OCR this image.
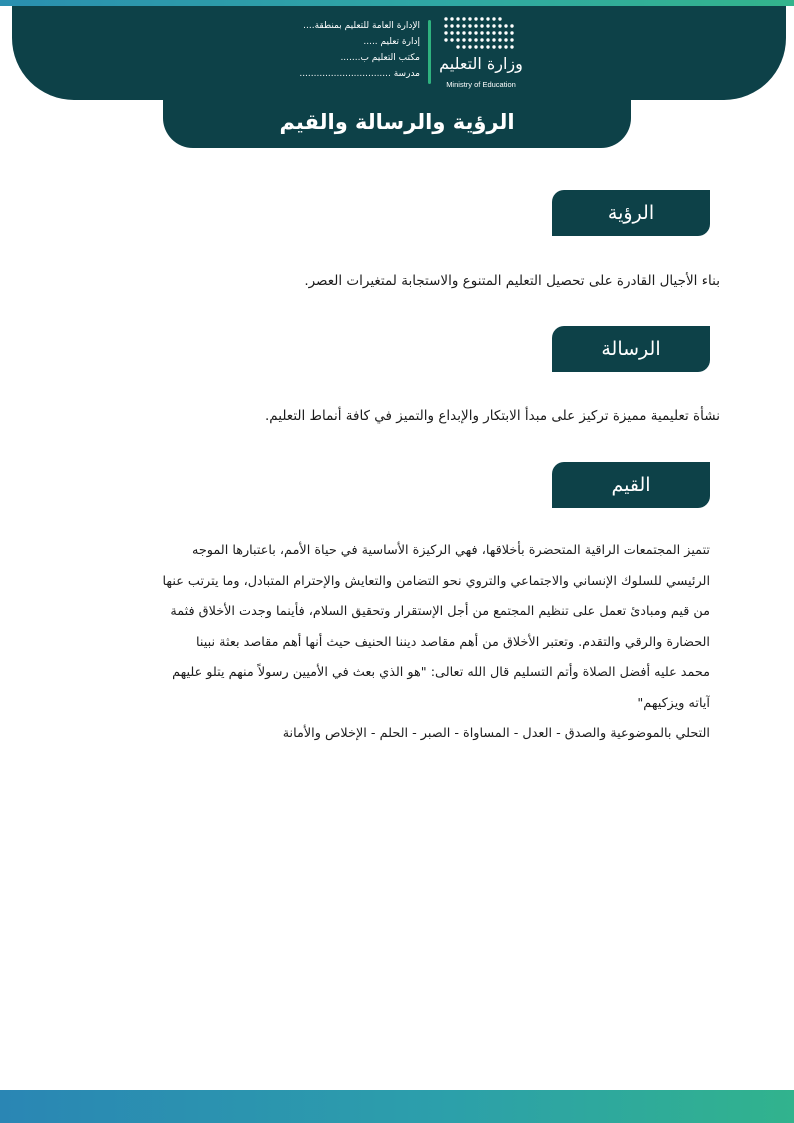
الرؤية والرسالة والقيم
وزارة التعليم
Ministry of Education
الإدارة العامة للتعليم بمنطقة....
إدارة تعليم .....
مكتب التعليم ب.......
مدرسة ................................
الرؤية
بناء الأجيال القادرة على تحصيل التعليم المتنوع والاستجابة لمتغيرات العصر.
الرسالة
نشأة تعليمية مميزة تركيز على مبدأ الابتكار والإبداع والتميز في كافة أنماط التعليم.
القيم
تتميز المجتمعات الراقية المتحضرة بأخلاقها، فهي الركيزة الأساسية في حياة الأمم، باعتبارها الموجه
الرئيسي للسلوك الإنساني والاجتماعي والتروي نحو التضامن والتعايش والإحترام المتبادل، وما يترتب عنها
من قيم ومبادئ تعمل على تنظيم المجتمع من أجل الإستقرار وتحقيق السلام، فأينما وجدت الأخلاق فثمة
الحضارة والرقي والتقدم. وتعتبر الأخلاق من أهم مقاصد ديننا الحنيف حيث أنها أهم مقاصد بعثة نبينا
محمد عليه أفضل الصلاة وأتم التسليم قال الله تعالى: "هو الذي بعث في الأميين رسولاً منهم يتلو عليهم
آياته ويزكيهم"
التحلي بالموضوعية والصدق - العدل - المساواة - الصبر - الحلم - الإخلاص والأمانة
